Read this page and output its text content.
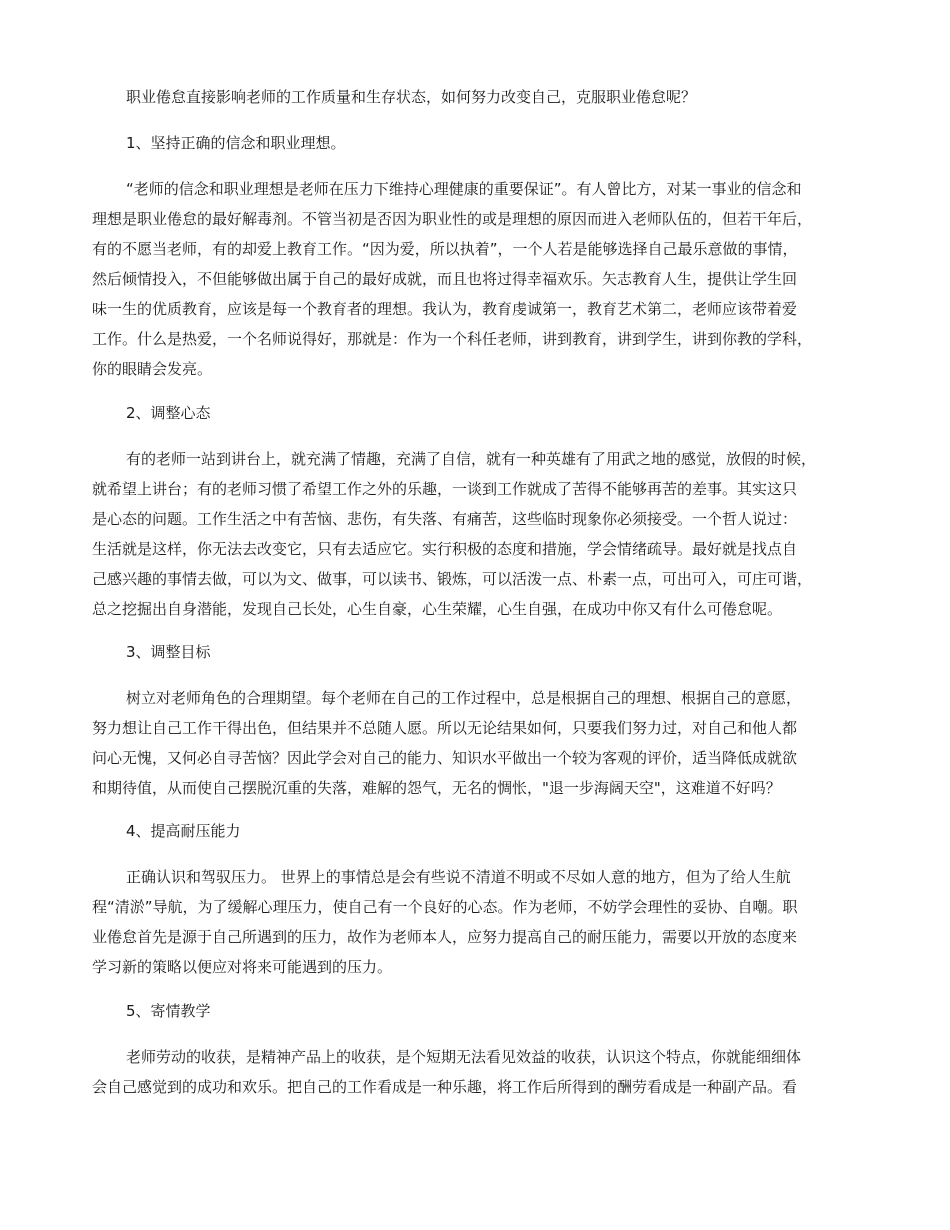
职业倦怠直接影响老师的工作质量和生存状态，如何努力改变自己，克服职业倦怠呢？
1、坚持正确的信念和职业理想。
“老师的信念和职业理想是老师在压力下维持心理健康的重要保证”。有人曾比方，对某一事业的信念和
理想是职业倦怠的最好解毒剂。不管当初是否因为职业性的或是理想的原因而进入老师队伍的，但若干年后，
有的不愿当老师，有的却爱上教育工作。“因为爱，所以执着”，一个人若是能够选择自己最乐意做的事情，
然后倾情投入，不但能够做出属于自己的最好成就，而且也将过得幸福欢乐。矢志教育人生，提供让学生回
味一生的优质教育，应该是每一个教育者的理想。我认为，教育虔诚第一，教育艺术第二，老师应该带着爱
工作。什么是热爱，一个名师说得好，那就是：作为一个科任老师，讲到教育，讲到学生，讲到你教的学科，
你的眼睛会发亮。
2、调整心态
有的老师一站到讲台上，就充满了情趣，充满了自信，就有一种英雄有了用武之地的感觉，放假的时候，
就希望上讲台；有的老师习惯了希望工作之外的乐趣，一谈到工作就成了苦得不能够再苦的差事。其实这只
是心态的问题。工作生活之中有苦恼、悲伤，有失落、有痛苦，这些临时现象你必须接受。一个哲人说过：
生活就是这样，你无法去改变它，只有去适应它。实行积极的态度和措施，学会情绪疏导。最好就是找点自
己感兴趣的事情去做，可以为文、做事，可以读书、锻炼，可以活泼一点、朴素一点，可出可入，可庄可谐，
总之挖掘出自身潜能，发现自己长处，心生自豪，心生荣耀，心生自强，在成功中你又有什么可倦怠呢。
3、调整目标
树立对老师角色的合理期望。每个老师在自己的工作过程中，总是根据自己的理想、根据自己的意愿，
努力想让自己工作干得出色，但结果并不总随人愿。所以无论结果如何，只要我们努力过，对自己和他人都
问心无愧，又何必自寻苦恼？因此学会对自己的能力、知识水平做出一个较为客观的评价，适当降低成就欲
和期待值，从而使自己摆脱沉重的失落，难解的怨气，无名的惆怅，"退一步海阔天空"，这难道不好吗？
4、提高耐压能力
正确认识和驾驭压力。 世界上的事情总是会有些说不清道不明或不尽如人意的地方，但为了给人生航
程“清淤”导航，为了缓解心理压力，使自己有一个良好的心态。作为老师，不妨学会理性的妥协、自嘲。职
业倦怠首先是源于自己所遇到的压力，故作为老师本人，应努力提高自己的耐压能力，需要以开放的态度来
学习新的策略以便应对将来可能遇到的压力。
5、寄情教学
老师劳动的收获，是精神产品上的收获，是个短期无法看见效益的收获，认识这个特点，你就能细细体
会自己感觉到的成功和欢乐。把自己的工作看成是一种乐趣，将工作后所得到的酬劳看成是一种副产品。看
